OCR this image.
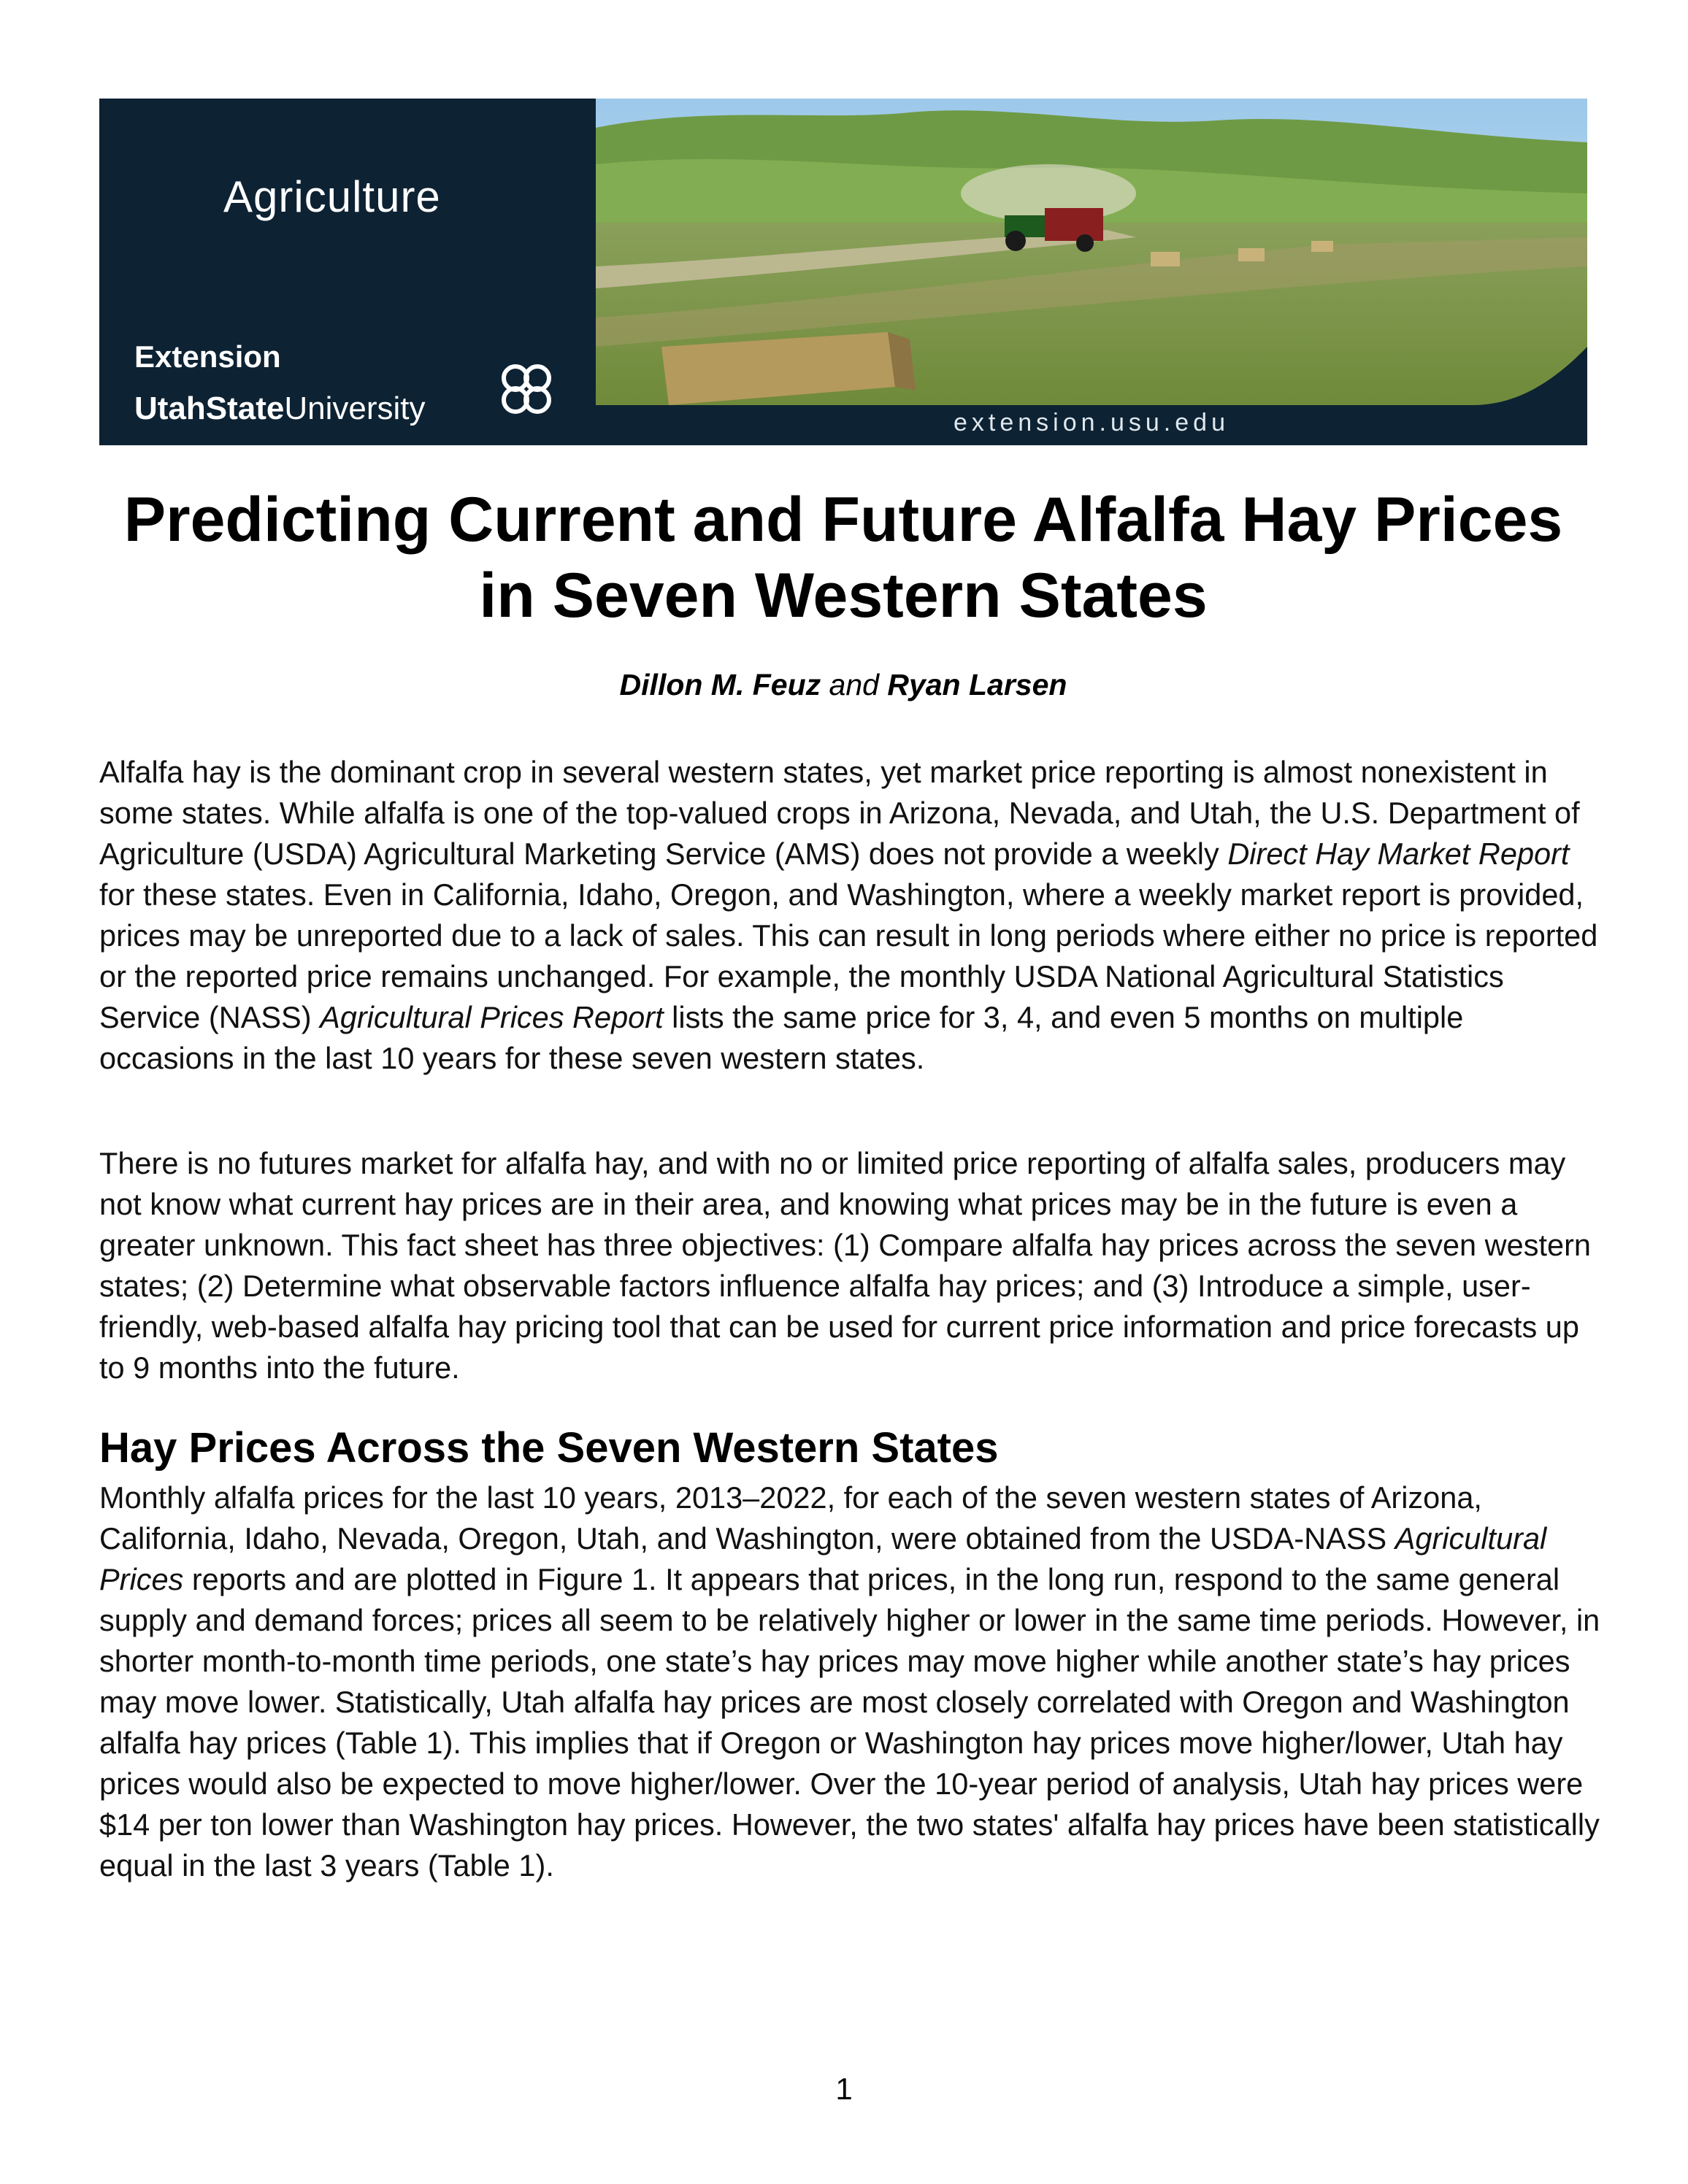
Agriculture
Extension
UtahStateUniversity	extension.usu.edu
Predicting Current and Future Alfalfa Hay Prices
in Seven Western States
Dillon M. Feuz and Ryan Larsen

Alfalfa hay is the dominant crop in several western states, yet market price reporting is almost nonexistent in some states. While alfalfa is one of the top-valued crops in Arizona, Nevada, and Utah, the U.S. Department of Agriculture (USDA) Agricultural Marketing Service (AMS) does not provide a weekly Direct Hay Market Report for these states. Even in California, Idaho, Oregon, and Washington, where a weekly market report is provided, prices may be unreported due to a lack of sales. This can result in long periods where either no price is reported or the reported price remains unchanged. For example, the monthly USDA National Agricultural Statistics Service (NASS) Agricultural Prices Report lists the same price for 3, 4, and even 5 months on multiple occasions in the last 10 years for these seven western states.

There is no futures market for alfalfa hay, and with no or limited price reporting of alfalfa sales, producers may not know what current hay prices are in their area, and knowing what prices may be in the future is even a greater unknown. This fact sheet has three objectives: (1) Compare alfalfa hay prices across the seven western states; (2) Determine what observable factors influence alfalfa hay prices; and (3) Introduce a simple, user-friendly, web-based alfalfa hay pricing tool that can be used for current price information and price forecasts up to 9 months into the future.

Hay Prices Across the Seven Western States

Monthly alfalfa prices for the last 10 years, 2013–2022, for each of the seven western states of Arizona, California, Idaho, Nevada, Oregon, Utah, and Washington, were obtained from the USDA-NASS Agricultural Prices reports and are plotted in Figure 1. It appears that prices, in the long run, respond to the same general supply and demand forces; prices all seem to be relatively higher or lower in the same time periods. However, in shorter month-to-month time periods, one state’s hay prices may move higher while another state’s hay prices may move lower. Statistically, Utah alfalfa hay prices are most closely correlated with Oregon and Washington alfalfa hay prices (Table 1). This implies that if Oregon or Washington hay prices move higher/lower, Utah hay prices would also be expected to move higher/lower. Over the 10-year period of analysis, Utah hay prices were $14 per ton lower than Washington hay prices. However, the two states' alfalfa hay prices have been statistically equal in the last 3 years (Table 1).

1
